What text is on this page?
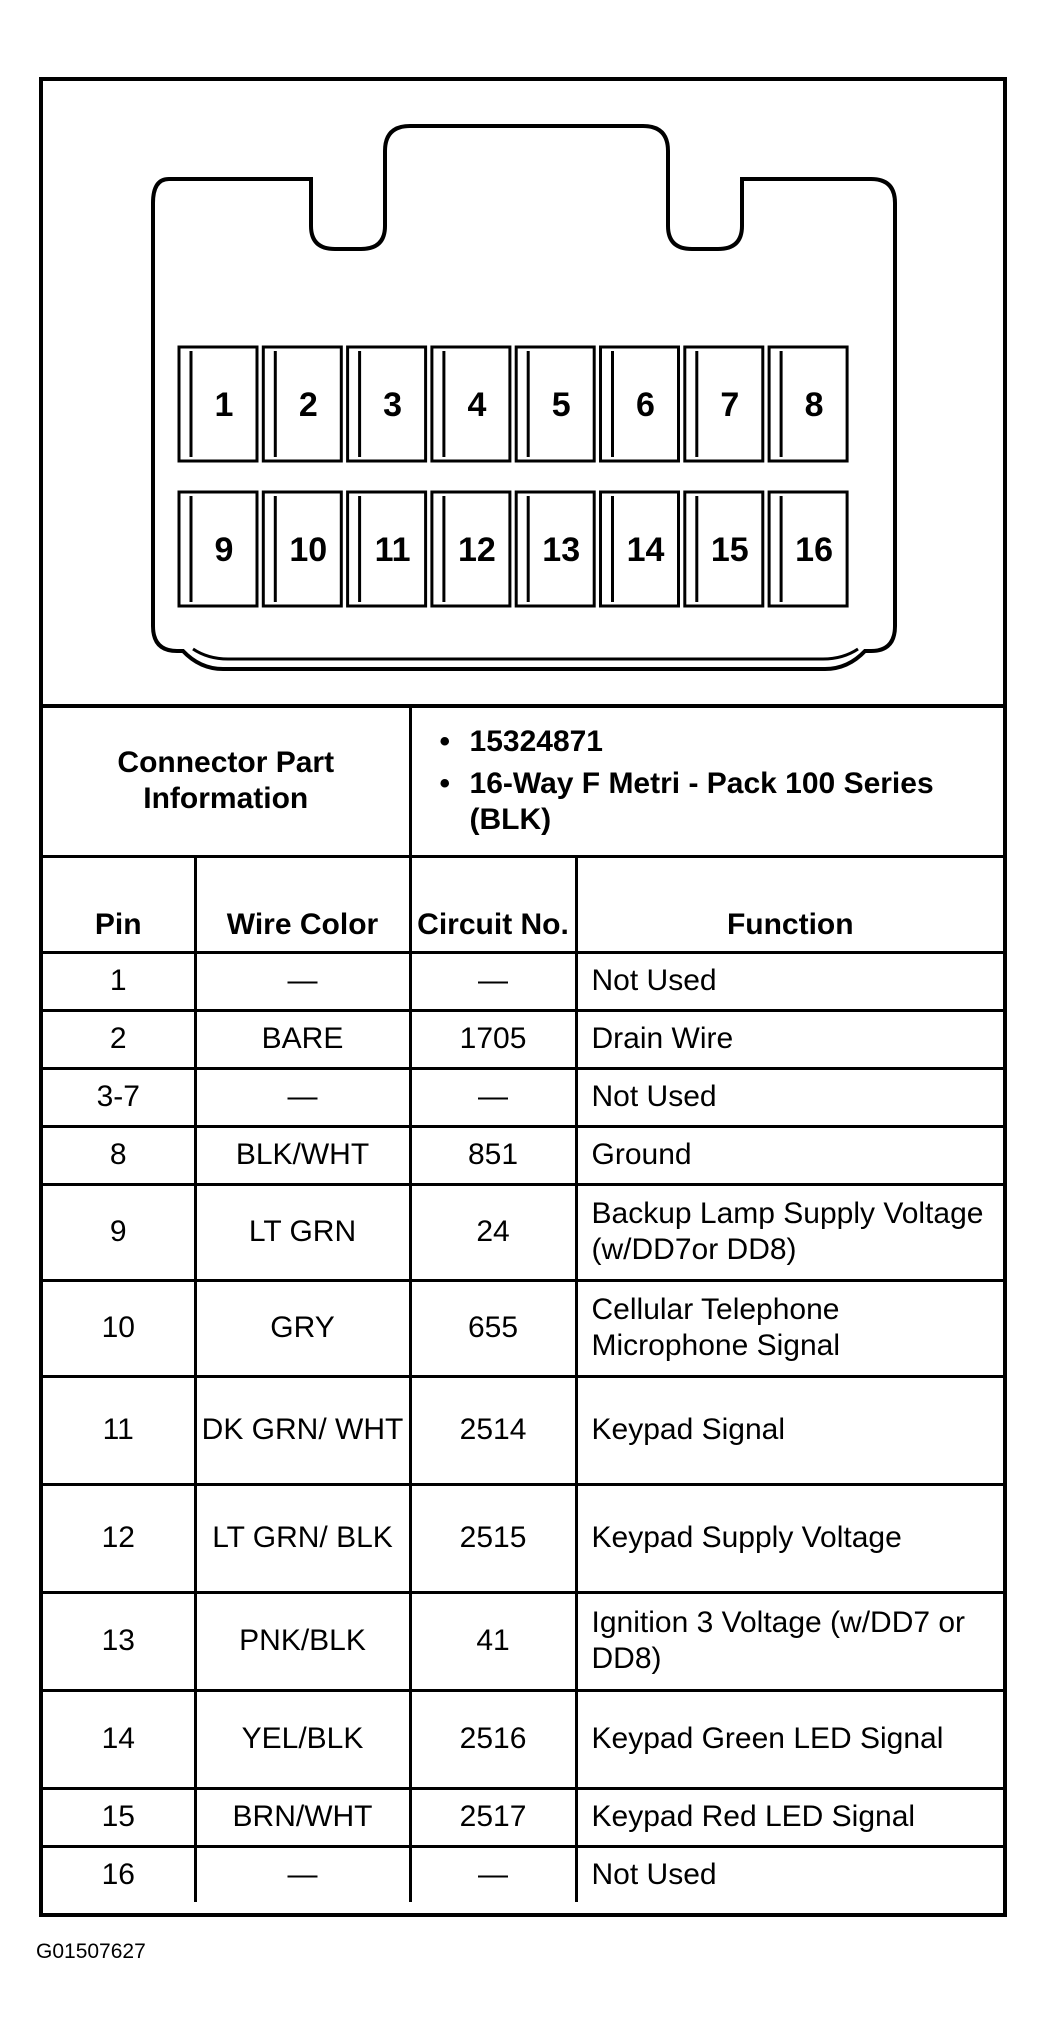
1 2 3 4 5 6 7 8
9 10 11 12 13 14 15 16
Connector Part Information		• 15324871
• 16-Way F Metri - Pack 100 Series (BLK)

Pin	Wire Color	Circuit No.	Function
1	—	—	Not Used
2	BARE	1705	Drain Wire
3-7	—	—	Not Used
8	BLK/WHT	851	Ground
9	LT GRN	24	Backup Lamp Supply Voltage (w/DD7or DD8)
10	GRY	655	Cellular Telephone Microphone Signal
11	DK GRN/ WHT	2514	Keypad Signal
12	LT GRN/ BLK	2515	Keypad Supply Voltage
13	PNK/BLK	41	Ignition 3 Voltage (w/DD7 or DD8)
14	YEL/BLK	2516	Keypad Green LED Signal
15	BRN/WHT	2517	Keypad Red LED Signal
16	—	—	Not Used
G01507627
